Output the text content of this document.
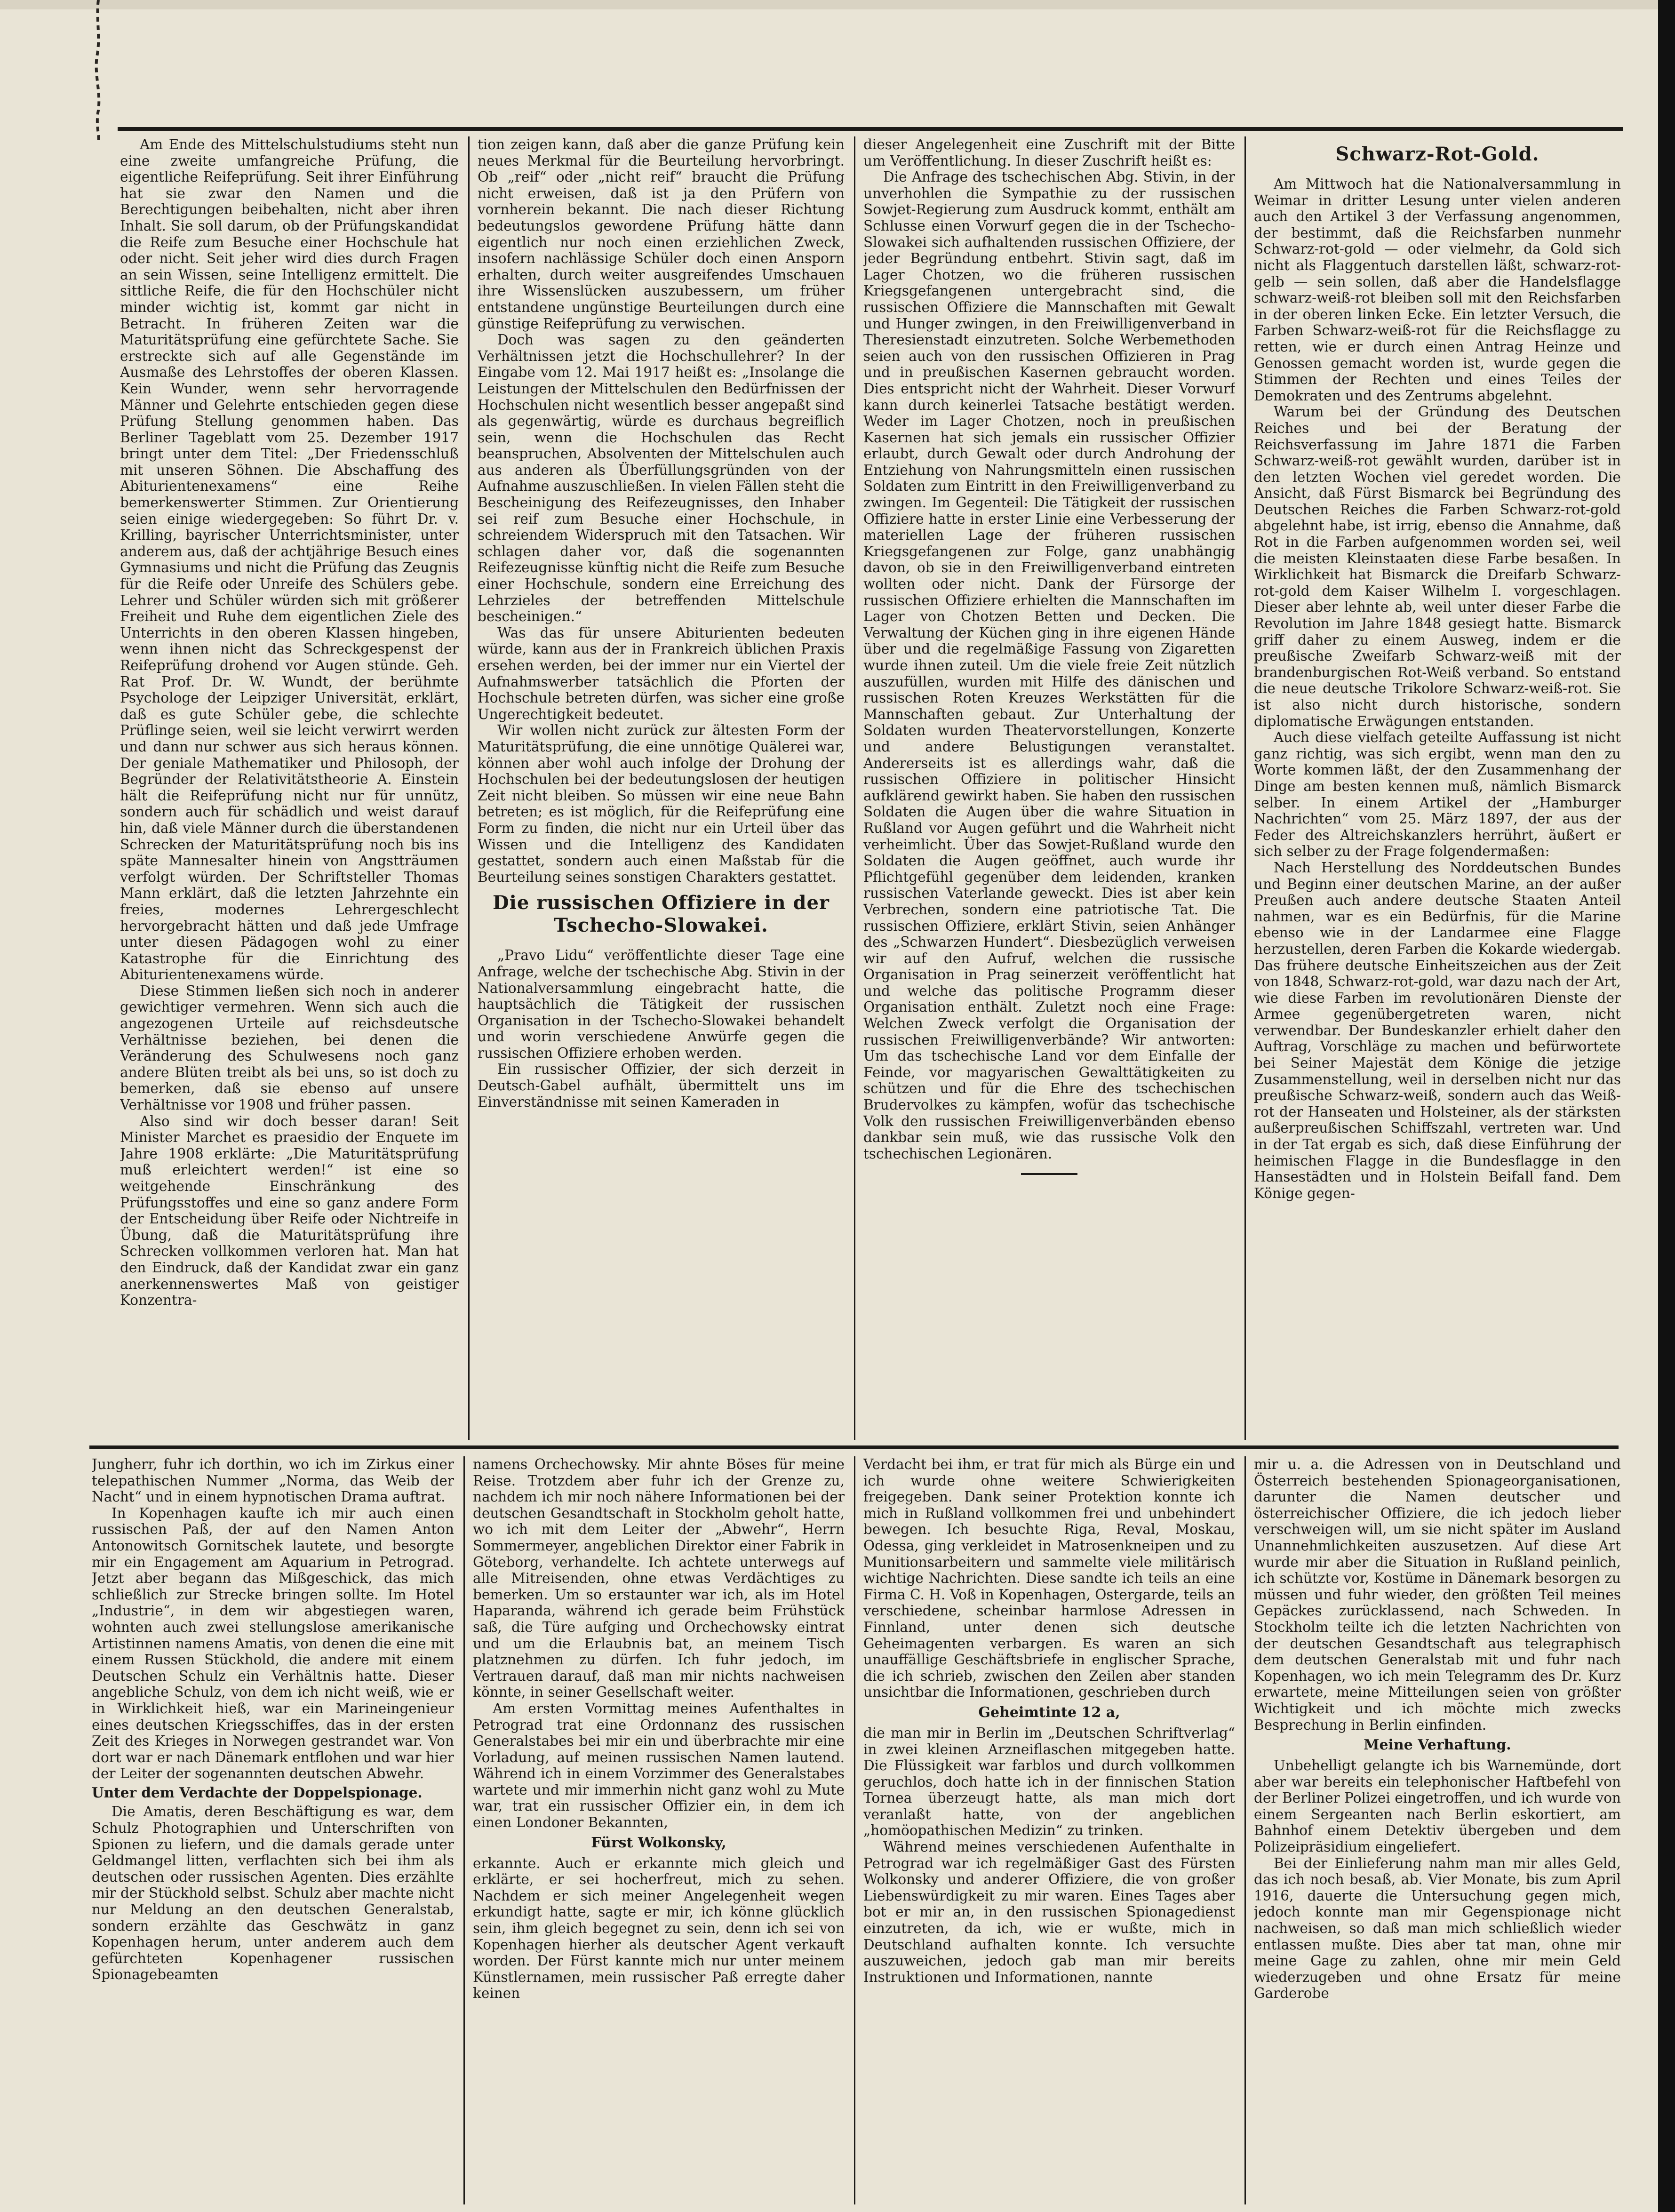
Am Ende des Mittelschulstudiums steht nun eine zweite umfangreiche Prüfung, die eigentliche Reifeprüfung. Seit ihrer Einführung hat sie zwar den Namen und die Berechtigungen beibehalten, nicht aber ihren Inhalt. Sie soll darum, ob der Prüfungskandidat die Reife zum Besuche einer Hochschule hat oder nicht. Seit jeher wird dies durch Fragen an sein Wissen, seine Intelligenz ermittelt. Die sittliche Reife, die für den Hochschüler nicht minder wichtig ist, kommt gar nicht in Betracht. In früheren Zeiten war die Maturitätsprüfung eine gefürchtete Sache. Sie erstreckte sich auf alle Gegenstände im Ausmaße des Lehrstoffes der oberen Klassen. Kein Wunder, wenn sehr hervorragende Männer und Gelehrte entschieden gegen diese Prüfung Stellung genommen haben. Das Berliner Tageblatt vom 25. Dezember 1917 bringt unter dem Titel: „Der Friedensschluß mit unseren Söhnen. Die Abschaffung des Abiturientenexamens“ eine Reihe bemerkenswerter Stimmen. Zur Orientierung seien einige wiedergegeben: So führt Dr. v. Krilling, bayrischer Unterrichtsminister, unter anderem aus, daß der achtjährige Besuch eines Gymnasiums und nicht die Prüfung das Zeugnis für die Reife oder Unreife des Schülers gebe. Lehrer und Schüler würden sich mit größerer Freiheit und Ruhe dem eigentlichen Ziele des Unterrichts in den oberen Klassen hingeben, wenn ihnen nicht das Schreckgespenst der Reifeprüfung drohend vor Augen stünde. Geh. Rat Prof. Dr. W. Wundt, der berühmte Psychologe der Leipziger Universität, erklärt, daß es gute Schüler gebe, die schlechte Prüflinge seien, weil sie leicht verwirrt werden und dann nur schwer aus sich heraus können. Der geniale Mathematiker und Philosoph, der Begründer der Relativitätstheorie A. Einstein hält die Reifeprüfung nicht nur für unnütz, sondern auch für schädlich und weist darauf hin, daß viele Männer durch die überstandenen Schrecken der Maturitätsprüfung noch bis ins späte Mannesalter hinein von Angstträumen verfolgt würden. Der Schriftsteller Thomas Mann erklärt, daß die letzten Jahrzehnte ein freies, modernes Lehrergeschlecht hervorgebracht hätten und daß jede Umfrage unter diesen Pädagogen wohl zu einer Katastrophe für die Einrichtung des Abiturientenexamens würde.

Diese Stimmen ließen sich noch in anderer gewichtiger vermehren. Wenn sich auch die angezogenen Urteile auf reichsdeutsche Verhältnisse beziehen, bei denen die Veränderung des Schulwesens noch ganz andere Blüten treibt als bei uns, so ist doch zu bemerken, daß sie ebenso auf unsere Verhältnisse vor 1908 und früher passen.

Also sind wir doch besser daran! Seit Minister Marchet es praesidio der Enquete im Jahre 1908 erklärte: „Die Maturitätsprüfung muß erleichtert werden!“ ist eine so weitgehende Einschränkung des Prüfungsstoffes und eine so ganz andere Form der Entscheidung über Reife oder Nichtreife in Übung, daß die Maturitätsprüfung ihre Schrecken vollkommen verloren hat. Man hat den Eindruck, daß der Kandidat zwar ein ganz anerkennenswertes Maß von geistiger Konzentra-

tion zeigen kann, daß aber die ganze Prüfung kein neues Merkmal für die Beurteilung hervorbringt. Ob „reif“ oder „nicht reif“ braucht die Prüfung nicht erweisen, daß ist ja den Prüfern von vornherein bekannt. Die nach dieser Richtung bedeutungslos gewordene Prüfung hätte dann eigentlich nur noch einen erziehlichen Zweck, insofern nachlässige Schüler doch einen Ansporn erhalten, durch weiter ausgreifendes Umschauen ihre Wissenslücken auszubessern, um früher entstandene ungünstige Beurteilungen durch eine günstige Reifeprüfung zu verwischen.

Doch was sagen zu den geänderten Verhältnissen jetzt die Hochschullehrer? In der Eingabe vom 12. Mai 1917 heißt es: „Insolange die Leistungen der Mittelschulen den Bedürfnissen der Hochschulen nicht wesentlich besser angepaßt sind als gegenwärtig, würde es durchaus begreiflich sein, wenn die Hochschulen das Recht beanspruchen, Absolventen der Mittelschulen auch aus anderen als Überfüllungsgründen von der Aufnahme auszuschließen. In vielen Fällen steht die Bescheinigung des Reifezeugnisses, den Inhaber sei reif zum Besuche einer Hochschule, in schreiendem Widerspruch mit den Tatsachen. Wir schlagen daher vor, daß die sogenannten Reifezeugnisse künftig nicht die Reife zum Besuche einer Hochschule, sondern eine Erreichung des Lehrzieles der betreffenden Mittelschule bescheinigen.“

Was das für unsere Abiturienten bedeuten würde, kann aus der in Frankreich üblichen Praxis ersehen werden, bei der immer nur ein Viertel der Aufnahmswerber tatsächlich die Pforten der Hochschule betreten dürfen, was sicher eine große Ungerechtigkeit bedeutet.

Wir wollen nicht zurück zur ältesten Form der Maturitätsprüfung, die eine unnötige Quälerei war, können aber wohl auch infolge der Drohung der Hochschulen bei der bedeutungslosen der heutigen Zeit nicht bleiben. So müssen wir eine neue Bahn betreten; es ist möglich, für die Reifeprüfung eine Form zu finden, die nicht nur ein Urteil über das Wissen und die Intelligenz des Kandidaten gestattet, sondern auch einen Maßstab für die Beurteilung seines sonstigen Charakters gestattet.

Die russischen Offiziere in der Tschecho-Slowakei.

„Pravo Lidu“ veröffentlichte dieser Tage eine Anfrage, welche der tschechische Abg. Stivin in der Nationalversammlung eingebracht hatte, die hauptsächlich die Tätigkeit der russischen Organisation in der Tschecho-Slowakei behandelt und worin verschiedene Anwürfe gegen die russischen Offiziere erhoben werden.

Ein russischer Offizier, der sich derzeit in Deutsch-Gabel aufhält, übermittelt uns im Einverständnisse mit seinen Kameraden in

dieser Angelegenheit eine Zuschrift mit der Bitte um Veröffentlichung. In dieser Zuschrift heißt es:

Die Anfrage des tschechischen Abg. Stivin, in der unverhohlen die Sympathie zu der russischen Sowjet-Regierung zum Ausdruck kommt, enthält am Schlusse einen Vorwurf gegen die in der Tschecho-Slowakei sich aufhaltenden russischen Offiziere, der jeder Begründung entbehrt. Stivin sagt, daß im Lager Chotzen, wo die früheren russischen Kriegsgefangenen untergebracht sind, die russischen Offiziere die Mannschaften mit Gewalt und Hunger zwingen, in den Freiwilligenverband in Theresienstadt einzutreten. Solche Werbemethoden seien auch von den russischen Offizieren in Prag und in preußischen Kasernen gebraucht worden. Dies entspricht nicht der Wahrheit. Dieser Vorwurf kann durch keinerlei Tatsache bestätigt werden. Weder im Lager Chotzen, noch in preußischen Kasernen hat sich jemals ein russischer Offizier erlaubt, durch Gewalt oder durch Androhung der Entziehung von Nahrungsmitteln einen russischen Soldaten zum Eintritt in den Freiwilligenverband zu zwingen. Im Gegenteil: Die Tätigkeit der russischen Offiziere hatte in erster Linie eine Verbesserung der materiellen Lage der früheren russischen Kriegsgefangenen zur Folge, ganz unabhängig davon, ob sie in den Freiwilligenverband eintreten wollten oder nicht. Dank der Fürsorge der russischen Offiziere erhielten die Mannschaften im Lager von Chotzen Betten und Decken. Die Verwaltung der Küchen ging in ihre eigenen Hände über und die regelmäßige Fassung von Zigaretten wurde ihnen zuteil. Um die viele freie Zeit nützlich auszufüllen, wurden mit Hilfe des dänischen und russischen Roten Kreuzes Werkstätten für die Mannschaften gebaut. Zur Unterhaltung der Soldaten wurden Theatervorstellungen, Konzerte und andere Belustigungen veranstaltet. Andererseits ist es allerdings wahr, daß die russischen Offiziere in politischer Hinsicht aufklärend gewirkt haben. Sie haben den russischen Soldaten die Augen über die wahre Situation in Rußland vor Augen geführt und die Wahrheit nicht verheimlicht. Über das Sowjet-Rußland wurde den Soldaten die Augen geöffnet, auch wurde ihr Pflichtgefühl gegenüber dem leidenden, kranken russischen Vaterlande geweckt. Dies ist aber kein Verbrechen, sondern eine patriotische Tat. Die russischen Offiziere, erklärt Stivin, seien Anhänger des „Schwarzen Hundert“. Diesbezüglich verweisen wir auf den Aufruf, welchen die russische Organisation in Prag seinerzeit veröffentlicht hat und welche das politische Programm dieser Organisation enthält. Zuletzt noch eine Frage: Welchen Zweck verfolgt die Organisation der russischen Freiwilligenverbände? Wir antworten: Um das tschechische Land vor dem Einfalle der Feinde, vor magyarischen Gewalttätigkeiten zu schützen und für die Ehre des tschechischen Brudervolkes zu kämpfen, wofür das tschechische Volk den russischen Freiwilligenverbänden ebenso dankbar sein muß, wie das russische Volk den tschechischen Legionären.

Schwarz-Rot-Gold.

Am Mittwoch hat die Nationalversammlung in Weimar in dritter Lesung unter vielen anderen auch den Artikel 3 der Verfassung angenommen, der bestimmt, daß die Reichsfarben nunmehr Schwarz-rot-gold — oder vielmehr, da Gold sich nicht als Flaggentuch darstellen läßt, schwarz-rot-gelb — sein sollen, daß aber die Handelsflagge schwarz-weiß-rot bleiben soll mit den Reichsfarben in der oberen linken Ecke. Ein letzter Versuch, die Farben Schwarz-weiß-rot für die Reichsflagge zu retten, wie er durch einen Antrag Heinze und Genossen gemacht worden ist, wurde gegen die Stimmen der Rechten und eines Teiles der Demokraten und des Zentrums abgelehnt.

Warum bei der Gründung des Deutschen Reiches und bei der Beratung der Reichsverfassung im Jahre 1871 die Farben Schwarz-weiß-rot gewählt wurden, darüber ist in den letzten Wochen viel geredet worden. Die Ansicht, daß Fürst Bismarck bei Begründung des Deutschen Reiches die Farben Schwarz-rot-gold abgelehnt habe, ist irrig, ebenso die Annahme, daß Rot in die Farben aufgenommen worden sei, weil die meisten Kleinstaaten diese Farbe besaßen. In Wirklichkeit hat Bismarck die Dreifarb Schwarz-rot-gold dem Kaiser Wilhelm I. vorgeschlagen. Dieser aber lehnte ab, weil unter dieser Farbe die Revolution im Jahre 1848 gesiegt hatte. Bismarck griff daher zu einem Ausweg, indem er die preußische Zweifarb Schwarz-weiß mit der brandenburgischen Rot-Weiß verband. So entstand die neue deutsche Trikolore Schwarz-weiß-rot. Sie ist also nicht durch historische, sondern diplomatische Erwägungen entstanden.

Auch diese vielfach geteilte Auffassung ist nicht ganz richtig, was sich ergibt, wenn man den zu Worte kommen läßt, der den Zusammenhang der Dinge am besten kennen muß, nämlich Bismarck selber. In einem Artikel der „Hamburger Nachrichten“ vom 25. März 1897, der aus der Feder des Altreichskanzlers herrührt, äußert er sich selber zu der Frage folgendermaßen:

Nach Herstellung des Norddeutschen Bundes und Beginn einer deutschen Marine, an der außer Preußen auch andere deutsche Staaten Anteil nahmen, war es ein Bedürfnis, für die Marine ebenso wie in der Landarmee eine Flagge herzustellen, deren Farben die Kokarde wiedergab. Das frühere deutsche Einheitszeichen aus der Zeit von 1848, Schwarz-rot-gold, war dazu nach der Art, wie diese Farben im revolutionären Dienste der Armee gegenübergetreten waren, nicht verwendbar. Der Bundeskanzler erhielt daher den Auftrag, Vorschläge zu machen und befürwortete bei Seiner Majestät dem Könige die jetzige Zusammenstellung, weil in derselben nicht nur das preußische Schwarz-weiß, sondern auch das Weiß-rot der Hanseaten und Holsteiner, als der stärksten außerpreußischen Schiffszahl, vertreten war. Und in der Tat ergab es sich, daß diese Einführung der heimischen Flagge in die Bundesflagge in den Hansestädten und in Holstein Beifall fand. Dem Könige gegen-

Jungherr, fuhr ich dorthin, wo ich im Zirkus einer telepathischen Nummer „Norma, das Weib der Nacht“ und in einem hypnotischen Drama auftrat.

In Kopenhagen kaufte ich mir auch einen russischen Paß, der auf den Namen Anton Antonowitsch Gornitschek lautete, und besorgte mir ein Engagement am Aquarium in Petrograd. Jetzt aber begann das Mißgeschick, das mich schließlich zur Strecke bringen sollte. Im Hotel „Industrie“, in dem wir abgestiegen waren, wohnten auch zwei stellungslose amerikanische Artistinnen namens Amatis, von denen die eine mit einem Russen Stückhold, die andere mit einem Deutschen Schulz ein Verhältnis hatte. Dieser angebliche Schulz, von dem ich nicht weiß, wie er in Wirklichkeit hieß, war ein Marineingenieur eines deutschen Kriegsschiffes, das in der ersten Zeit des Krieges in Norwegen gestrandet war. Von dort war er nach Dänemark entflohen und war hier der Leiter der sogenannten deutschen Abwehr.

Unter dem Verdachte der Doppelspionage.

Die Amatis, deren Beschäftigung es war, dem Schulz Photographien und Unterschriften von Spionen zu liefern, und die damals gerade unter Geldmangel litten, verflachten sich bei ihm als deutschen oder russischen Agenten. Dies erzählte mir der Stückhold selbst. Schulz aber machte nicht nur Meldung an den deutschen Generalstab, sondern erzählte das Geschwätz in ganz Kopenhagen herum, unter anderem auch dem gefürchteten Kopenhagener russischen Spionagebeamten

namens Orchechowsky. Mir ahnte Böses für meine Reise. Trotzdem aber fuhr ich der Grenze zu, nachdem ich mir noch nähere Informationen bei der deutschen Gesandtschaft in Stockholm geholt hatte, wo ich mit dem Leiter der „Abwehr“, Herrn Sommermeyer, angeblichen Direktor einer Fabrik in Göteborg, verhandelte. Ich achtete unterwegs auf alle Mitreisenden, ohne etwas Verdächtiges zu bemerken. Um so erstaunter war ich, als im Hotel Haparanda, während ich gerade beim Frühstück saß, die Türe aufging und Orchechowsky eintrat und um die Erlaubnis bat, an meinem Tisch platznehmen zu dürfen. Ich fuhr jedoch, im Vertrauen darauf, daß man mir nichts nachweisen könnte, in seiner Gesellschaft weiter.

Am ersten Vormittag meines Aufenthaltes in Petrograd trat eine Ordonnanz des russischen Generalstabes bei mir ein und überbrachte mir eine Vorladung, auf meinen russischen Namen lautend. Während ich in einem Vorzimmer des Generalstabes wartete und mir immerhin nicht ganz wohl zu Mute war, trat ein russischer Offizier ein, in dem ich einen Londoner Bekannten,

Fürst Wolkonsky,

erkannte. Auch er erkannte mich gleich und erklärte, er sei hocherfreut, mich zu sehen. Nachdem er sich meiner Angelegenheit wegen erkundigt hatte, sagte er mir, ich könne glücklich sein, ihm gleich begegnet zu sein, denn ich sei von Kopenhagen hierher als deutscher Agent verkauft worden. Der Fürst kannte mich nur unter meinem Künstlernamen, mein russischer Paß erregte daher keinen

Verdacht bei ihm, er trat für mich als Bürge ein und ich wurde ohne weitere Schwierigkeiten freigegeben. Dank seiner Protektion konnte ich mich in Rußland vollkommen frei und unbehindert bewegen. Ich besuchte Riga, Reval, Moskau, Odessa, ging verkleidet in Matrosenkneipen und zu Munitionsarbeitern und sammelte viele militärisch wichtige Nachrichten. Diese sandte ich teils an eine Firma C. H. Voß in Kopenhagen, Ostergarde, teils an verschiedene, scheinbar harmlose Adressen in Finnland, unter denen sich deutsche Geheimagenten verbargen. Es waren an sich unauffällige Geschäftsbriefe in englischer Sprache, die ich schrieb, zwischen den Zeilen aber standen unsichtbar die Informationen, geschrieben durch

Geheimtinte 12 a,

die man mir in Berlin im „Deutschen Schriftverlag“ in zwei kleinen Arzneiflaschen mitgegeben hatte. Die Flüssigkeit war farblos und durch vollkommen geruchlos, doch hatte ich in der finnischen Station Tornea überzeugt hatte, als man mich dort veranlaßt hatte, von der angeblichen „homöopathischen Medizin“ zu trinken.

Während meines verschiedenen Aufenthalte in Petrograd war ich regelmäßiger Gast des Fürsten Wolkonsky und anderer Offiziere, die von großer Liebenswürdigkeit zu mir waren. Eines Tages aber bot er mir an, in den russischen Spionagedienst einzutreten, da ich, wie er wußte, mich in Deutschland aufhalten konnte. Ich versuchte auszuweichen, jedoch gab man mir bereits Instruktionen und Informationen, nannte

mir u. a. die Adressen von in Deutschland und Österreich bestehenden Spionageorganisationen, darunter die Namen deutscher und österreichischer Offiziere, die ich jedoch lieber verschweigen will, um sie nicht später im Ausland Unannehmlichkeiten auszusetzen. Auf diese Art wurde mir aber die Situation in Rußland peinlich, ich schützte vor, Kostüme in Dänemark besorgen zu müssen und fuhr wieder, den größten Teil meines Gepäckes zurücklassend, nach Schweden. In Stockholm teilte ich die letzten Nachrichten von der deutschen Gesandtschaft aus telegraphisch dem deutschen Generalstab mit und fuhr nach Kopenhagen, wo ich mein Telegramm des Dr. Kurz erwartete, meine Mitteilungen seien von größter Wichtigkeit und ich möchte mich zwecks Besprechung in Berlin einfinden.

Meine Verhaftung.

Unbehelligt gelangte ich bis Warnemünde, dort aber war bereits ein telephonischer Haftbefehl von der Berliner Polizei eingetroffen, und ich wurde von einem Sergeanten nach Berlin eskortiert, am Bahnhof einem Detektiv übergeben und dem Polizeipräsidium eingeliefert.

Bei der Einlieferung nahm man mir alles Geld, das ich noch besaß, ab. Vier Monate, bis zum April 1916, dauerte die Untersuchung gegen mich, jedoch konnte man mir Gegenspionage nicht nachweisen, so daß man mich schließlich wieder entlassen mußte. Dies aber tat man, ohne mir meine Gage zu zahlen, ohne mir mein Geld wiederzugeben und ohne Ersatz für meine Garderobe
